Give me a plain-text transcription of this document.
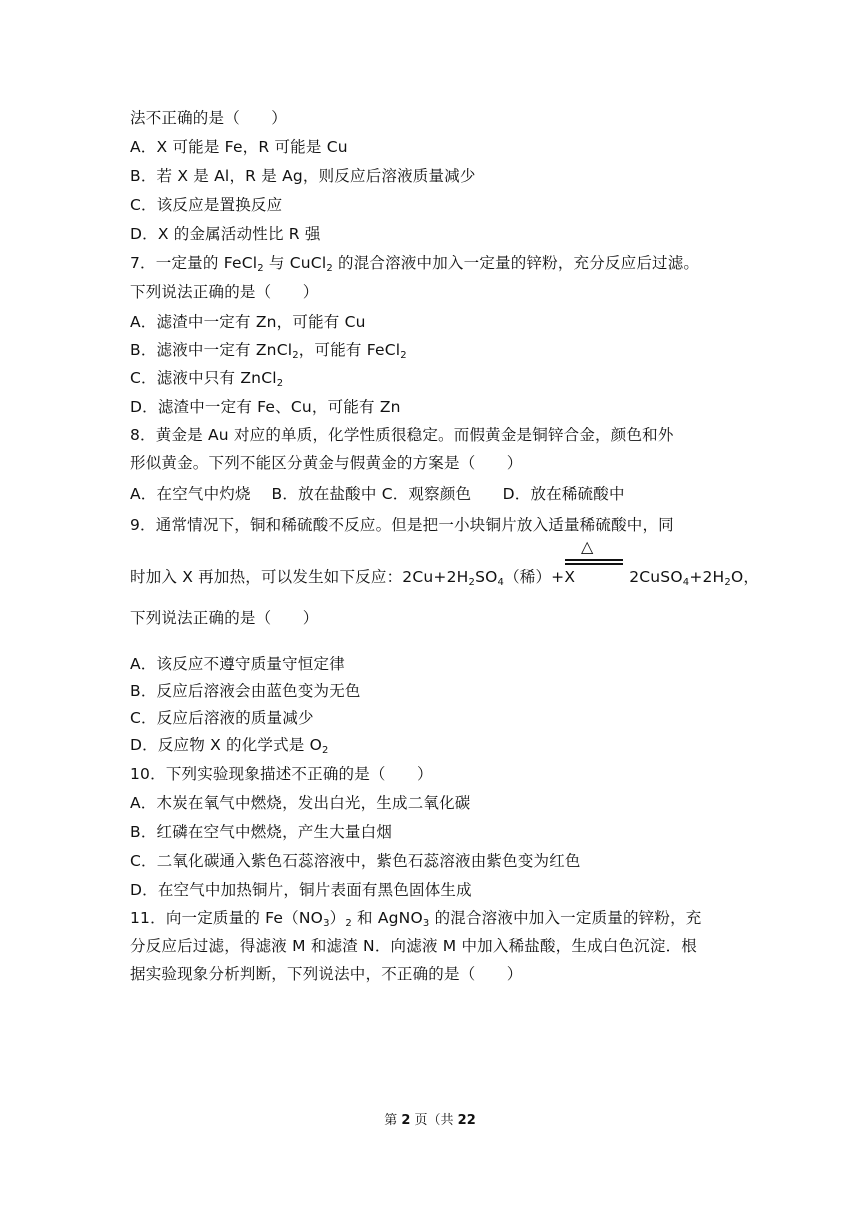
法不正确的是（　　）
A．X 可能是 Fe，R 可能是 Cu
B．若 X 是 Al，R 是 Ag，则反应后溶液质量减少
C．该反应是置换反应
D．X 的金属活动性比 R 强
7．一定量的 FeCl$_2$ 与 CuCl$_2$ 的混合溶液中加入一定量的锌粉，充分反应后过滤。
下列说法正确的是（　　）
A．滤渣中一定有 Zn，可能有 Cu
B．滤液中一定有 ZnCl$_2$，可能有 FeCl$_2$
C．滤液中只有 ZnCl$_2$
D．滤渣中一定有 Fe、Cu，可能有 Zn
8．黄金是 Au 对应的单质，化学性质很稳定。而假黄金是铜锌合金，颜色和外
形似黄金。下列不能区分黄金与假黄金的方案是（　　）
A．在空气中灼烧　 B．放在盐酸中 C．观察颜色　　D．放在稀硫酸中
9．通常情况下，铜和稀硫酸不反应。但是把一小块铜片放入适量稀硫酸中，同
△
时加入 X 再加热，可以发生如下反应：$2Cu+2H_2SO_4$（稀）+X	$2CuSO_4+2H_2O$，
下列说法正确的是（　　）
A．该反应不遵守质量守恒定律
B．反应后溶液会由蓝色变为无色
C．反应后溶液的质量减少
D．反应物 X 的化学式是 $O_2$
10．下列实验现象描述不正确的是（　　）
A．木炭在氧气中燃烧，发出白光，生成二氧化碳
B．红磷在空气中燃烧，产生大量白烟
C．二氧化碳通入紫色石蕊溶液中，紫色石蕊溶液由紫色变为红色
D．在空气中加热铜片，铜片表面有黑色固体生成
11．向一定质量的 $Fe(NO_3)_2$ 和 AgNO$_3$ 的混合溶液中加入一定质量的锌粉，充
分反应后过滤，得滤液 M 和滤渣 N．向滤液 M 中加入稀盐酸，生成白色沉淀．根
据实验现象分析判断，下列说法中，不正确的是（　　）
第 2 页（共 22
